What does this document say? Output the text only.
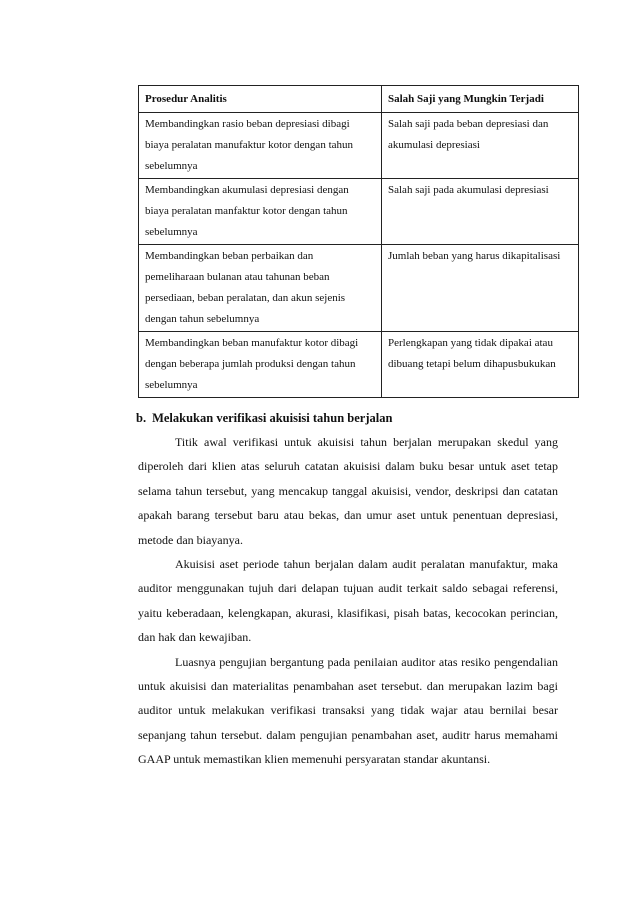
Prosedur Analitis	Salah Saji yang Mungkin Terjadi
Membandingkan rasio beban depresiasi dibagi biaya peralatan manufaktur kotor dengan tahun sebelumnya	Salah saji pada beban depresiasi dan akumulasi depresiasi
Membandingkan akumulasi depresiasi dengan biaya peralatan manfaktur kotor dengan tahun sebelumnya	Salah saji pada akumulasi depresiasi
Membandingkan beban perbaikan dan pemeliharaan bulanan atau tahunan beban persediaan, beban peralatan, dan akun sejenis dengan tahun sebelumnya	Jumlah beban yang harus dikapitalisasi
Membandingkan beban manufaktur kotor dibagi dengan beberapa jumlah produksi dengan tahun sebelumnya	Perlengkapan yang tidak dipakai atau dibuang tetapi belum dihapusbukukan
b. Melakukan verifikasi akuisisi tahun berjalan

Titik awal verifikasi untuk akuisisi tahun berjalan merupakan skedul yang diperoleh dari klien atas seluruh catatan akuisisi dalam buku besar untuk aset tetap selama tahun tersebut, yang mencakup tanggal akuisisi, vendor, deskripsi dan catatan apakah barang tersebut baru atau bekas, dan umur aset untuk penentuan depresiasi, metode dan biayanya.

Akuisisi aset periode tahun berjalan dalam audit peralatan manufaktur, maka auditor menggunakan tujuh dari delapan tujuan audit terkait saldo sebagai referensi, yaitu keberadaan, kelengkapan, akurasi, klasifikasi, pisah batas, kecocokan perincian, dan hak dan kewajiban.

Luasnya pengujian bergantung pada penilaian auditor atas resiko pengendalian untuk akuisisi dan materialitas penambahan aset tersebut. dan merupakan lazim bagi auditor untuk melakukan verifikasi transaksi yang tidak wajar atau bernilai besar sepanjang tahun tersebut. dalam pengujian penambahan aset, auditr harus memahami GAAP untuk memastikan klien memenuhi persyaratan standar akuntansi.
